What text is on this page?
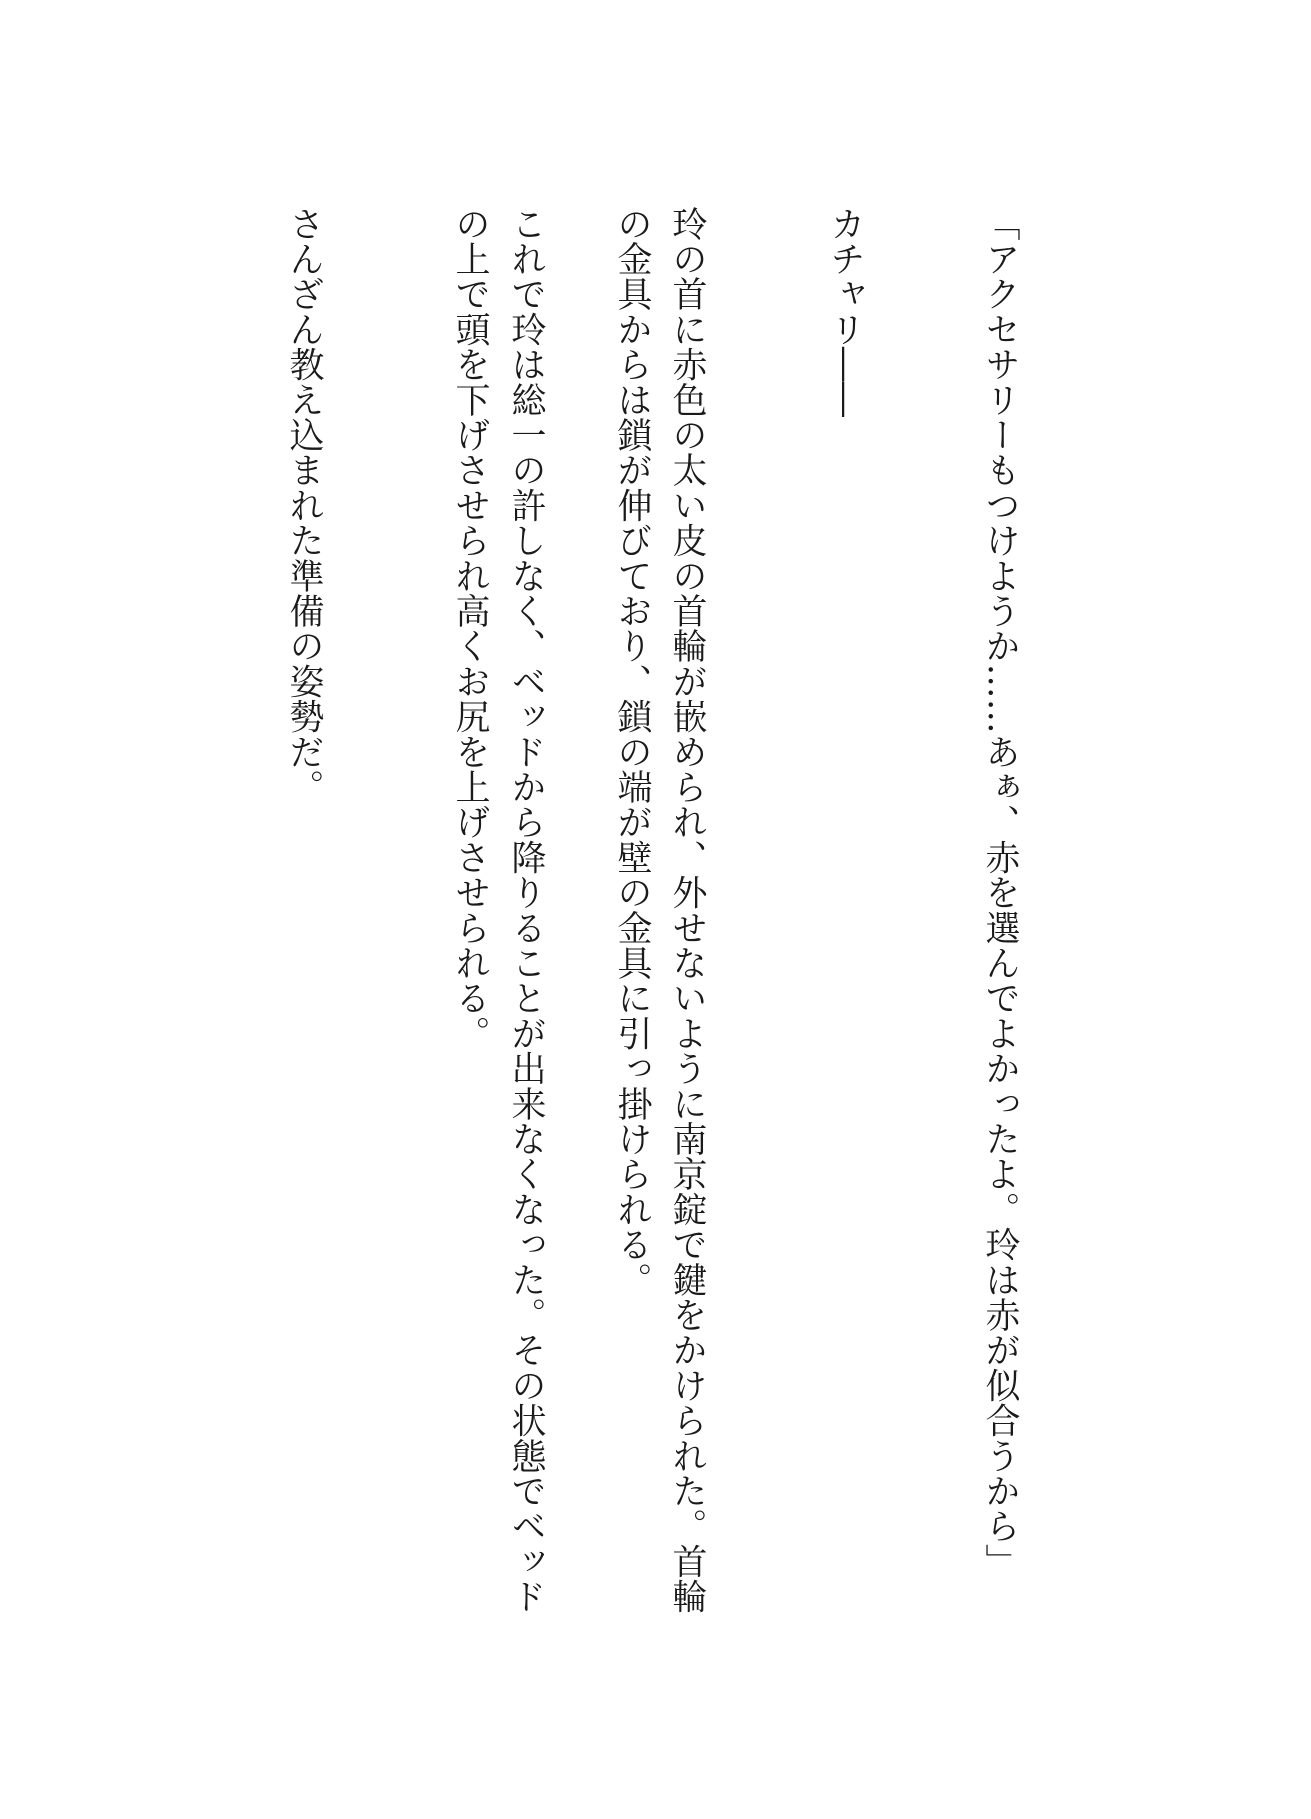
「アクセサリーもつけようか……あぁ、赤を選んでよかったよ。玲は赤が似合うから」
カチャリ――
玲の首に赤色の太い皮の首輪が嵌められ、外せないように南京錠で鍵をかけられた。首輪
の金具からは鎖が伸びており、鎖の端が壁の金具に引っ掛けられる。
これで玲は総一の許しなく、ベッドから降りることが出来なくなった。その状態でベッド
の上で頭を下げさせられ高くお尻を上げさせられる。
さんざん教え込まれた準備の姿勢だ。
